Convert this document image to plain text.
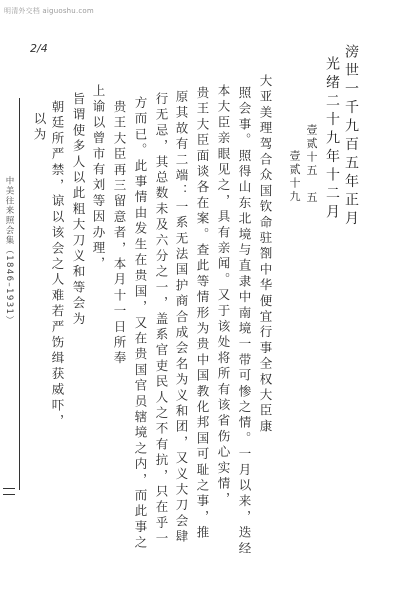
明清外交档 aiguoshu.com
中美往来照会集（1846–1931）
2/4	滂世一千九百五年正月
光绪二十九年十二月
壹贰十五　五
壹贰十九
大亚美理驾合众国钦命驻劄中华便宜行事全权大臣康
照会事。照得山东北境与直隶中南境一带可惨之情。一月以来，迭经
本大臣亲眼见之，具有亲闻。又于该处将所有该省伤心实情，
贵王大臣面谈各在案。查此等情形为贵中国教化邦国可耻之事，推
原其故有二端：一系无法国护商合成会名为义和团，又义大刀会肆
行无忌，其总数未及六分之一，盖系官吏民人之不有抗，只在乎一
方而已。此事情由发生在贵国，又在贵国官员辖境之内，而此事之
贵王大臣再三留意者，本月十一日所奉
上谕以曾市有刘等因办理，
旨谓使多人以此粗大刀义和等会为
朝廷所严禁，谅以该会之人难若严饬缉获威吓，
以为
